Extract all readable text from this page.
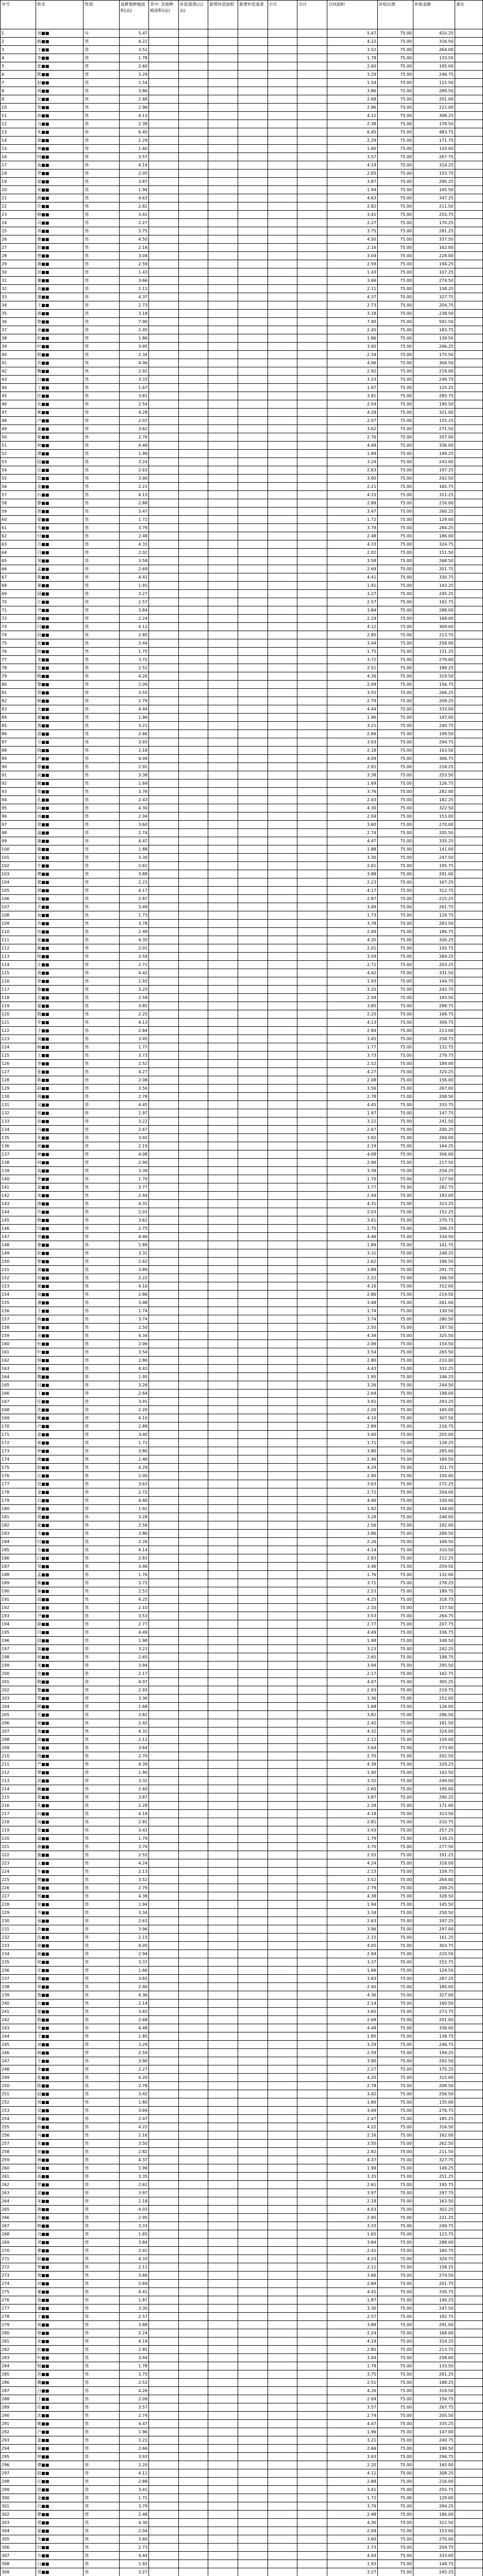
序号	姓名	性别	退耕地种植面积(亩)	其中: 其他种植面积(亩)	补偿基准(元/亩)	新增补偿面积	新增补偿基准	小计	合计	合同面积	补贴比例	补贴金额	备注
1	刘■■	女	5.47							5.47	75.00	410.25	
2	杨■■	男	4.22							4.22	75.00	316.50	
3	王■■	男	3.52							3.52	75.00	264.00	
4	李■■	男	1.78							1.78	75.00	133.50	
5	张■■	男	2.60							2.60	75.00	195.00	
6	陈■■	男	3.29							3.29	75.00	246.75	
7	赵■■	男	1.54							1.54	75.00	115.50	
8	周■■	男	3.86							3.86	75.00	289.50	
9	吴■■	男	2.68							2.68	75.00	201.00	
10	郑■■	男	2.96							2.96	75.00	222.00	
11	孙■■	男	4.11							4.11	75.00	308.25	
12	马■■	男	2.38							2.38	75.00	178.50	
13	朱■■	男	6.45							6.45	75.00	483.75	
14	胡■■	男	2.29							2.29	75.00	171.75	
15	林■■	男	1.60							1.60	75.00	120.00	
16	何■■	男	3.57							3.57	75.00	267.75	
17	高■■	男	4.19							4.19	75.00	314.25	
18	罗■■	男	2.05							2.05	75.00	153.75	
19	梁■■	男	3.87							3.87	75.00	290.25	
20	宋■■	男	1.94							1.94	75.00	145.50	
21	唐■■	男	4.63							4.63	75.00	347.25	
22	许■■	男	2.82							2.82	75.00	211.50	
23	韩■■	男	3.41							3.41	75.00	255.75	
24	冯■■	男	2.27							2.27	75.00	170.25	
25	邓■■	男	3.75							3.75	75.00	281.25	
26	曹■■	男	4.50							4.50	75.00	337.50	
27	彭■■	男	2.16							2.16	75.00	162.00	
28	曾■■	男	3.04							3.04	75.00	228.00	
29	萧■■	男	2.59							2.59	75.00	194.25	
30	田■■	男	1.43							1.43	75.00	107.25	
31	董■■	男	3.66							3.66	75.00	274.50	
32	袁■■	男	2.11							2.11	75.00	158.25	
33	潘■■	男	4.37							4.37	75.00	327.75	
34	于■■	男	2.73							2.73	75.00	204.75	
35	蒋■■	男	3.18							3.18	75.00	238.50	
36	蔡■■	男	7.90							7.90	75.00	592.50	
37	余■■	男	2.45							2.45	75.00	183.75	
38	杜■■	男	1.86							1.86	75.00	139.50	
39	叶■■	男	3.95							3.95	75.00	296.25	
40	程■■	男	2.34							2.34	75.00	175.50	
41	苏■■	男	4.06							4.06	75.00	304.50	
42	魏■■	男	2.92							2.92	75.00	219.00	
43	吕■■	男	3.33							3.33	75.00	249.75	
44	丁■■	男	1.67							1.67	75.00	125.25	
45	任■■	男	3.81							3.81	75.00	285.75	
46	沈■■	男	2.54							2.54	75.00	190.50	
47	姚■■	男	4.28							4.28	75.00	321.00	
48	卢■■	男	2.07							2.07	75.00	155.25	
49	姜■■	男	3.62							3.62	75.00	271.50	
50	崔■■	男	2.76							2.76	75.00	207.00	
51	钟■■	男	4.48							4.48	75.00	336.00	
52	谭■■	男	1.99							1.99	75.00	149.25	
53	陆■■	男	3.24							3.24	75.00	243.00	
54	汪■■	男	2.63							2.63	75.00	197.25	
55	范■■	男	3.90							3.90	75.00	292.50	
56	金■■	男	2.21							2.21	75.00	165.75	
57	石■■	男	4.15							4.15	75.00	311.25	
58	廖■■	男	2.88							2.88	75.00	216.00	
59	贾■■	男	3.47							3.47	75.00	260.25	
60	夏■■	男	1.72							1.72	75.00	129.00	
61	韦■■	男	3.79							3.79	75.00	284.25	
62	付■■	男	2.48							2.48	75.00	186.00	
63	方■■	男	4.33							4.33	75.00	324.75	
64	白■■	男	2.02							2.02	75.00	151.50	
65	邹■■	男	3.58							3.58	75.00	268.50	
66	孟■■	男	2.69							2.69	75.00	201.75	
67	熊■■	男	4.41							4.41	75.00	330.75	
68	秦■■	男	1.91							1.91	75.00	143.25	
69	邱■■	男	3.27							3.27	75.00	245.25	
70	江■■	男	2.57							2.57	75.00	192.75	
71	尹■■	男	3.84							3.84	75.00	288.00	
72	薛■■	男	2.24							2.24	75.00	168.00	
73	闫■■	男	4.12							4.12	75.00	309.00	
74	段■■	男	2.85							2.85	75.00	213.75	
75	雷■■	男	3.44							3.44	75.00	258.00	
76	侯■■	男	1.75							1.75	75.00	131.25	
77	龙■■	男	3.72							3.72	75.00	279.00	
78	史■■	男	2.51							2.51	75.00	188.25	
79	陶■■	男	4.26							4.26	75.00	319.50	
80	黎■■	男	2.09							2.09	75.00	156.75	
81	贺■■	男	3.55							3.55	75.00	266.25	
82	顾■■	男	2.79							2.79	75.00	209.25	
83	毛■■	男	4.44							4.44	75.00	333.00	
84	郝■■	男	1.96							1.96	75.00	147.00	
85	龚■■	男	3.21							3.21	75.00	240.75	
86	邵■■	男	2.66							2.66	75.00	199.50	
87	万■■	男	3.93							3.93	75.00	294.75	
88	钱■■	男	2.18							2.18	75.00	163.50	
89	严■■	男	4.09							4.09	75.00	306.75	
90	覃■■	男	2.91							2.91	75.00	218.25	
91	武■■	男	3.38							3.38	75.00	253.50	
92	戴■■	男	1.69							1.69	75.00	126.75	
93	莫■■	男	3.76							3.76	75.00	282.00	
94	孔■■	男	2.43							2.43	75.00	182.25	
95	向■■	男	4.30							4.30	75.00	322.50	
96	汤■■	男	2.04							2.04	75.00	153.00	
97	常■■	男	3.60							3.60	75.00	270.00	
98	温■■	男	2.74							2.74	75.00	205.50	
99	康■■	男	4.47							4.47	75.00	335.25	
100	施■■	男	1.88							1.88	75.00	141.00	
101	文■■	男	3.30							3.30	75.00	247.50	
102	牛■■	男	2.61							2.61	75.00	195.75	
103	樊■■	男	3.88							3.88	75.00	291.00	
104	葛■■	男	2.23							2.23	75.00	167.25	
105	邢■■	男	4.17							4.17	75.00	312.75	
106	安■■	男	2.87							2.87	75.00	215.25	
107	齐■■	男	3.49							3.49	75.00	261.75	
108	易■■	男	1.73							1.73	75.00	129.75	
109	乔■■	男	3.78							3.78	75.00	283.50	
110	伍■■	男	2.49							2.49	75.00	186.75	
111	庞■■	男	4.35							4.35	75.00	326.25	
112	颜■■	男	2.01							2.01	75.00	150.75	
113	倪■■	男	3.59							3.59	75.00	269.25	
114	庄■■	男	2.71							2.71	75.00	203.25	
115	聂■■	男	4.42							4.42	75.00	331.50	
116	章■■	男	1.93							1.93	75.00	144.75	
117	鲁■■	男	3.25							3.25	75.00	243.75	
118	岳■■	男	2.58							2.58	75.00	193.50	
119	翟■■	男	3.85							3.85	75.00	288.75	
120	殷■■	男	2.25							2.25	75.00	168.75	
121	毕■■	男	4.13							4.13	75.00	309.75	
122	于■■	男	2.84							2.84	75.00	213.00	
123	刘■■	男	3.45							3.45	75.00	258.75	
124	杨■■	男	1.77							1.77	75.00	132.75	
125	王■■	男	3.73							3.73	75.00	279.75	
126	李■■	男	2.52							2.52	75.00	189.00	
127	张■■	男	4.27							4.27	75.00	320.25	
128	陈■■	男	2.08							2.08	75.00	156.00	
129	赵■■	男	3.56							3.56	75.00	267.00	
130	周■■	男	2.78							2.78	75.00	208.50	
131	吴■■	男	4.45							4.45	75.00	333.75	
132	郑■■	男	1.97							1.97	75.00	147.75	
133	孙■■	男	3.22							3.22	75.00	241.50	
134	马■■	男	2.67							2.67	75.00	200.25	
135	朱■■	男	3.92							3.92	75.00	294.00	
136	胡■■	男	2.19							2.19	75.00	164.25	
137	林■■	男	4.08							4.08	75.00	306.00	
138	何■■	男	2.90							2.90	75.00	217.50	
139	高■■	男	3.39							3.39	75.00	254.25	
140	罗■■	男	1.70							1.70	75.00	127.50	
141	梁■■	男	3.77							3.77	75.00	282.75	
142	宋■■	男	2.44							2.44	75.00	183.00	
143	唐■■	男	4.31							4.31	75.00	323.25	
144	许■■	男	2.03							2.03	75.00	152.25	
145	韩■■	男	3.61							3.61	75.00	270.75	
146	冯■■	男	2.75							2.75	75.00	206.25	
147	邓■■	男	4.46							4.46	75.00	334.50	
148	曹■■	男	1.89							1.89	75.00	141.75	
149	彭■■	男	3.31							3.31	75.00	248.25	
150	曾■■	男	2.62							2.62	75.00	196.50	
151	萧■■	男	3.89							3.89	75.00	291.75	
152	田■■	男	2.22							2.22	75.00	166.50	
153	董■■	男	4.16							4.16	75.00	312.00	
154	袁■■	男	2.86							2.86	75.00	214.50	
155	潘■■	男	3.48							3.48	75.00	261.00	
156	于■■	男	1.74							1.74	75.00	130.50	
157	蒋■■	男	3.74							3.74	75.00	280.50	
158	蔡■■	男	2.50							2.50	75.00	187.50	
159	余■■	男	4.34							4.34	75.00	325.50	
160	杜■■	男	2.06							2.06	75.00	154.50	
161	叶■■	男	3.54							3.54	75.00	265.50	
162	程■■	男	2.80							2.80	75.00	210.00	
163	苏■■	男	4.43							4.43	75.00	332.25	
164	魏■■	男	1.95							1.95	75.00	146.25	
165	吕■■	男	3.26							3.26	75.00	244.50	
166	丁■■	男	2.64							2.64	75.00	198.00	
167	任■■	男	3.91							3.91	75.00	293.25	
168	沈■■	男	2.20							2.20	75.00	165.00	
169	姚■■	男	4.10							4.10	75.00	307.50	
170	卢■■	男	2.89							2.89	75.00	216.75	
171	姜■■	男	3.40							3.40	75.00	255.00	
172	崔■■	男	1.71							1.71	75.00	128.25	
173	钟■■	男	3.80							3.80	75.00	285.00	
174	谭■■	男	2.46							2.46	75.00	184.50	
175	陆■■	男	4.29							4.29	75.00	321.75	
176	汪■■	男	2.00							2.00	75.00	150.00	
177	范■■	男	3.63							3.63	75.00	272.25	
178	金■■	男	2.72							2.72	75.00	204.00	
179	石■■	男	4.40							4.40	75.00	330.00	
180	廖■■	男	1.92							1.92	75.00	144.00	
181	贾■■	男	3.28							3.28	75.00	246.00	
182	夏■■	男	2.56							2.56	75.00	192.00	
183	韦■■	男	3.86							3.86	75.00	289.50	
184	付■■	男	2.26							2.26	75.00	169.50	
185	方■■	男	4.14							4.14	75.00	310.50	
186	白■■	男	2.83							2.83	75.00	212.25	
187	邹■■	男	3.46							3.46	75.00	259.50	
188	孟■■	男	1.76							1.76	75.00	132.00	
189	熊■■	男	3.71							3.71	75.00	278.25	
190	秦■■	男	2.53							2.53	75.00	189.75	
191	邱■■	男	4.25							4.25	75.00	318.75	
192	江■■	男	2.10							2.10	75.00	157.50	
193	尹■■	男	3.53							3.53	75.00	264.75	
194	薛■■	男	2.77							2.77	75.00	207.75	
195	闫■■	男	4.49							4.49	75.00	336.75	
196	段■■	男	1.98							1.98	75.00	148.50	
197	雷■■	男	3.23							3.23	75.00	242.25	
198	侯■■	男	2.65							2.65	75.00	198.75	
199	龙■■	男	3.94							3.94	75.00	295.50	
200	史■■	男	2.17							2.17	75.00	162.75	
201	陶■■	男	4.07							4.07	75.00	305.25	
202	黎■■	男	2.93							2.93	75.00	219.75	
203	贺■■	男	3.36							3.36	75.00	252.00	
204	顾■■	男	1.68							1.68	75.00	126.00	
205	毛■■	男	3.82							3.82	75.00	286.50	
206	郝■■	男	2.42							2.42	75.00	181.50	
207	龚■■	男	4.32							4.32	75.00	324.00	
208	邵■■	男	2.12							2.12	75.00	159.00	
209	万■■	男	3.64							3.64	75.00	273.00	
210	钱■■	男	2.70							2.70	75.00	202.50	
211	严■■	男	4.39							4.39	75.00	329.25	
212	覃■■	男	1.90							1.90	75.00	142.50	
213	武■■	男	3.32							3.32	75.00	249.00	
214	戴■■	男	2.60							2.60	75.00	195.00	
215	莫■■	男	3.87							3.87	75.00	290.25	
216	孔■■	男	2.28							2.28	75.00	171.00	
217	向■■	男	4.18							4.18	75.00	313.50	
218	汤■■	男	2.81							2.81	75.00	210.75	
219	常■■	男	3.43							3.43	75.00	257.25	
220	温■■	男	1.79							1.79	75.00	134.25	
221	康■■	男	3.70							3.70	75.00	277.50	
222	施■■	男	2.55							2.55	75.00	191.25	
223	文■■	男	4.24							4.24	75.00	318.00	
224	牛■■	男	2.13							2.13	75.00	159.75	
225	樊■■	男	3.52							3.52	75.00	264.00	
226	葛■■	男	2.79							2.79	75.00	209.25	
227	邢■■	男	4.38							4.38	75.00	328.50	
228	安■■	男	1.94							1.94	75.00	145.50	
229	齐■■	男	3.34							3.34	75.00	250.50	
230	易■■	男	2.63							2.63	75.00	197.25	
231	乔■■	男	3.96							3.96	75.00	297.00	
232	伍■■	男	2.15							2.15	75.00	161.25	
233	庞■■	男	4.05							4.05	75.00	303.75	
234	颜■■	男	2.94							2.94	75.00	220.50	
235	倪■■	男	3.37							3.37	75.00	252.75	
236	庄■■	男	1.66							1.66	75.00	124.50	
237	聂■■	男	3.83							3.83	75.00	287.25	
238	章■■	男	2.40							2.40	75.00	180.00	
239	鲁■■	男	4.36							4.36	75.00	327.00	
240	岳■■	男	2.14							2.14	75.00	160.50	
241	翟■■	男	3.65							3.65	75.00	273.75	
242	殷■■	男	2.68							2.68	75.00	201.00	
243	毕■■	男	4.48							4.48	75.00	336.00	
244	于■■	男	1.85							1.85	75.00	138.75	
245	刘■■	男	3.29							3.29	75.00	246.75	
246	杨■■	男	2.59							2.59	75.00	194.25	
247	王■■	男	3.90							3.90	75.00	292.50	
248	李■■	男	2.27							2.27	75.00	170.25	
249	张■■	男	4.20							4.20	75.00	315.00	
250	陈■■	男	2.78							2.78	75.00	208.50	
251	赵■■	男	3.42							3.42	75.00	256.50	
252	周■■	男	1.80							1.80	75.00	135.00	
253	吴■■	男	3.69							3.69	75.00	276.75	
254	郑■■	男	2.47							2.47	75.00	185.25	
255	孙■■	男	4.22							4.22	75.00	316.50	
256	马■■	男	2.16							2.16	75.00	162.00	
257	朱■■	男	3.50							3.50	75.00	262.50	
258	胡■■	男	2.82							2.82	75.00	211.50	
259	林■■	男	4.37							4.37	75.00	327.75	
260	何■■	男	1.99							1.99	75.00	149.25	
261	高■■	男	3.35							3.35	75.00	251.25	
262	罗■■	男	2.61							2.61	75.00	195.75	
263	梁■■	男	3.97							3.97	75.00	297.75	
264	宋■■	男	2.18							2.18	75.00	163.50	
265	唐■■	男	4.03							4.03	75.00	302.25	
266	许■■	男	2.95							2.95	75.00	221.25	
267	韩■■	男	3.33							3.33	75.00	249.75	
268	冯■■	男	1.65							1.65	75.00	123.75	
269	邓■■	男	3.84							3.84	75.00	288.00	
270	曹■■	男	2.41							2.41	75.00	180.75	
271	彭■■	男	4.33							4.33	75.00	324.75	
272	曾■■	男	2.11							2.11	75.00	158.25	
273	萧■■	男	3.66							3.66	75.00	274.50	
274	田■■	男	2.69							2.69	75.00	201.75	
275	董■■	男	4.41							4.41	75.00	330.75	
276	袁■■	男	1.87							1.87	75.00	140.25	
277	潘■■	男	3.30							3.30	75.00	247.50	
278	于■■	男	2.57							2.57	75.00	192.75	
279	蒋■■	男	3.88							3.88	75.00	291.00	
280	蔡■■	男	2.24							2.24	75.00	168.00	
281	余■■	男	4.19							4.19	75.00	314.25	
282	杜■■	男	2.85							2.85	75.00	213.75	
283	叶■■	男	3.44							3.44	75.00	258.00	
284	程■■	男	1.78							1.78	75.00	133.50	
285	苏■■	男	3.75							3.75	75.00	281.25	
286	魏■■	男	2.51							2.51	75.00	188.25	
287	吕■■	男	4.26							4.26	75.00	319.50	
288	丁■■	男	2.09							2.09	75.00	156.75	
289	任■■	男	3.57							3.57	75.00	267.75	
290	沈■■	男	2.74							2.74	75.00	205.50	
291	姚■■	男	4.47							4.47	75.00	335.25	
292	卢■■	男	1.96							1.96	75.00	147.00	
293	姜■■	男	3.21							3.21	75.00	240.75	
294	崔■■	男	2.66							2.66	75.00	199.50	
295	钟■■	男	3.93							3.93	75.00	294.75	
296	谭■■	男	2.20							2.20	75.00	165.00	
297	陆■■	男	4.11							4.11	75.00	308.25	
298	汪■■	男	2.88							2.88	75.00	216.00	
299	范■■	男	3.41							3.41	75.00	255.75	
300	金■■	男	1.72							1.72	75.00	129.00	
301	石■■	男	3.79							3.79	75.00	284.25	
302	廖■■	男	2.48							2.48	75.00	186.00	
303	贾■■	男	4.30							4.30	75.00	322.50	
304	夏■■	男	2.04							2.04	75.00	153.00	
305	韦■■	男	3.60							3.60	75.00	270.00	
306	付■■	男	2.73							2.73	75.00	204.75	
307	方■■	男	4.44							4.44	75.00	333.00	
308	白■■	男	1.93							1.93	75.00	144.75	
309	邹■■	男	3.27							3.27	75.00	245.25	
